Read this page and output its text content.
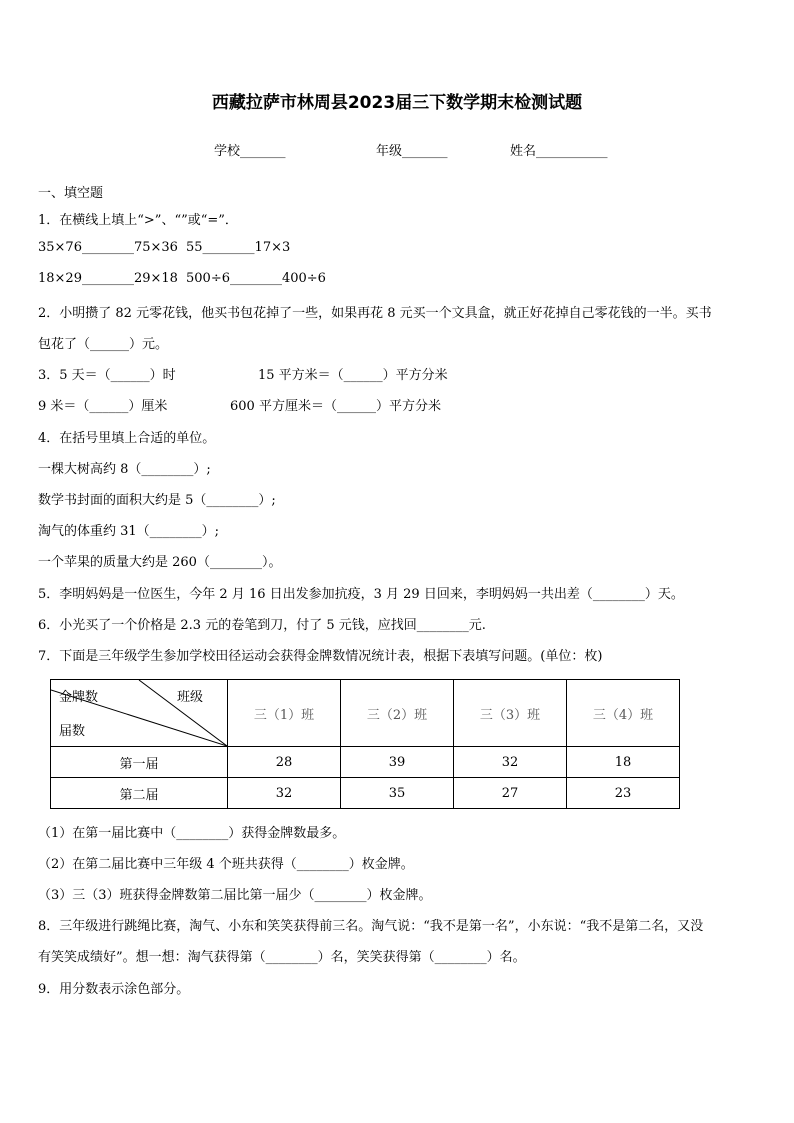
西藏拉萨市林周县2023届三下数学期末检测试题
学校_______	年级_______	姓名___________
一、填空题
1．在横线上填上“>”、“”或“=”．
35×76________75×36 55________17×3
18×29________29×18 500÷6________400÷6
2．小明攒了 82 元零花钱，他买书包花掉了一些，如果再花 8 元买一个文具盒，就正好花掉自己零花钱的一半。买书
包花了（______）元。
3．5 天＝（______）时	15 平方米＝（______）平方分米
9 米＝（______）厘米	600 平方厘米＝（______）平方分米
4．在括号里填上合适的单位。
一棵大树高约 8（________）;
数学书封面的面积大约是 5（________）;
淘气的体重约 31（________）;
一个苹果的质量大约是 260（________）。
5．李明妈妈是一位医生，今年 2 月 16 日出发参加抗疫，3 月 29 日回来，李明妈妈一共出差（________）天。
6．小光买了一个价格是 2.3 元的卷笔到刀，付了 5 元钱，应找回________元.
7．下面是三年级学生参加学校田径运动会获得金牌数情况统计表，根据下表填写问题。(单位：枚)
金牌数 班级
届数	三（1）班	三（2）班	三（3）班	三（4）班
第一届	28	39	32	18
第二届	32	35	27	23
（1）在第一届比赛中（________）获得金牌数最多。
（2）在第二届比赛中三年级 4 个班共获得（________）枚金牌。
（3）三（3）班获得金牌数第二届比第一届少（________）枚金牌。
8．三年级进行跳绳比赛，淘气、小东和笑笑获得前三名。淘气说：“我不是第一名”，小东说：“我不是第二名，又没
有笑笑成绩好”。想一想：淘气获得第（________）名，笑笑获得第（________）名。
9．用分数表示涂色部分。
